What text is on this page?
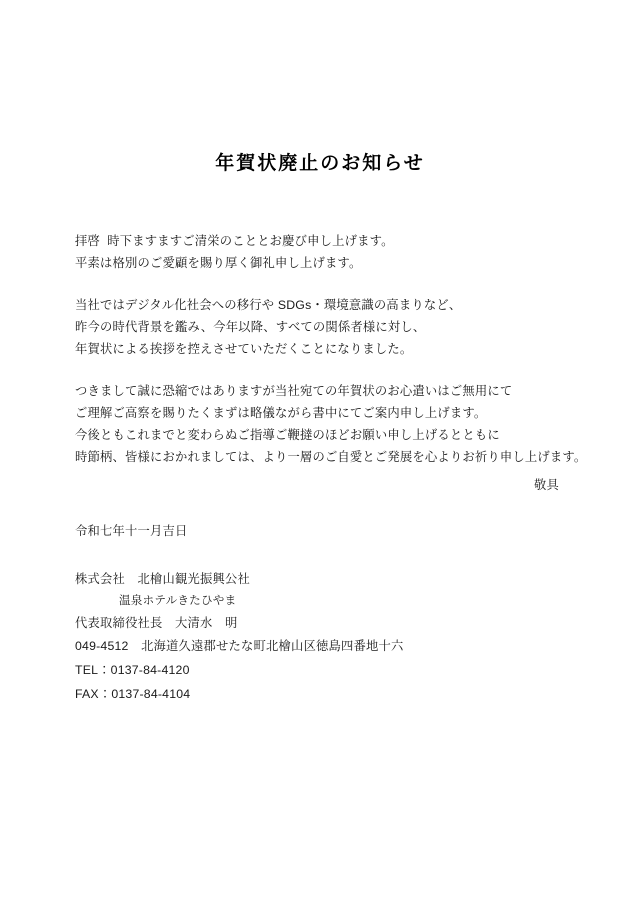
年賀状廃止のお知らせ

拝啓  時下ますますご清栄のこととお慶び申し上げます。
平素は格別のご愛顧を賜り厚く御礼申し上げます。

当社ではデジタル化社会への移行や SDGs・環境意識の高まりなど、
昨今の時代背景を鑑み、今年以降、すべての関係者様に対し、
年賀状による挨拶を控えさせていただくことになりました。

つきまして誠に恐縮ではありますが当社宛ての年賀状のお心遣いはご無用にて
ご理解ご高察を賜りたくまずは略儀ながら書中にてご案内申し上げます。
今後ともこれまでと変わらぬご指導ご鞭撻のほどお願い申し上げるとともに
時節柄、皆様におかれましては、より一層のご自愛とご発展を心よりお祈り申し上げます。

敬具
令和七年十一月吉日
株式会社　北檜山観光振興公社
温泉ホテルきたひやま
代表取締役社長　大清水　明
049-4512　北海道久遠郡せたな町北檜山区徳島四番地十六
TEL：0137-84-4120
FAX：0137-84-4104
